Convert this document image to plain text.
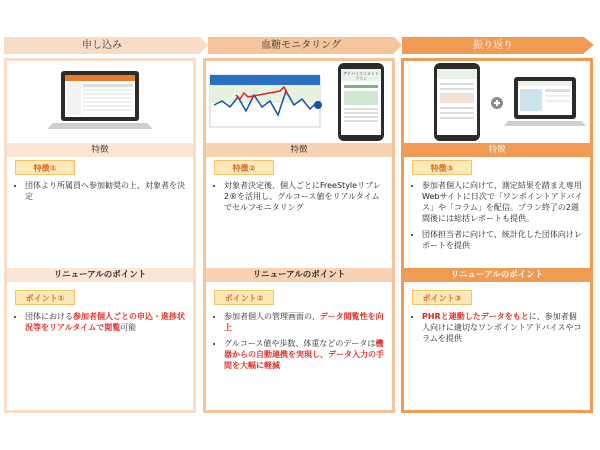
申し込み	血糖モニタリング	振り返り
特徴
特徴①
• 団体より所属員へ参加勧奨の上、対象者を決定
リニューアルのポイント
ポイント①
• 団体における参加者個人ごとの申込・進捗状況等をリアルタイムで閲覧可能
アドバイスコメントプラン
特徴
特徴②
• 対象者決定後、個人ごとにFreeStyleリブレ2®を活用し、グルコース値をリアルタイムでセルフモニタリング
リニューアルのポイント
ポイント②
• 参加者個人の管理画面の、データ閲覧性を向上
• グルコース値や歩数、体重などのデータは機器からの自動連携を実現し、データ入力の手間を大幅に軽減
特徴
特徴③
• 参加者個人に向けて、測定結果を踏まえ専用Webサイトに日次で「ワンポイントアドバイス」や「コラム」を配信。プラン終了の2週間後には総括レポートも提供。
• 団体担当者に向けて、統計化した団体向けレポートを提供
リニューアルのポイント
ポイント③
• PHRと連動したデータをもとに、参加者個人向けに適切なワンポイントアドバイスやコラムを提供
